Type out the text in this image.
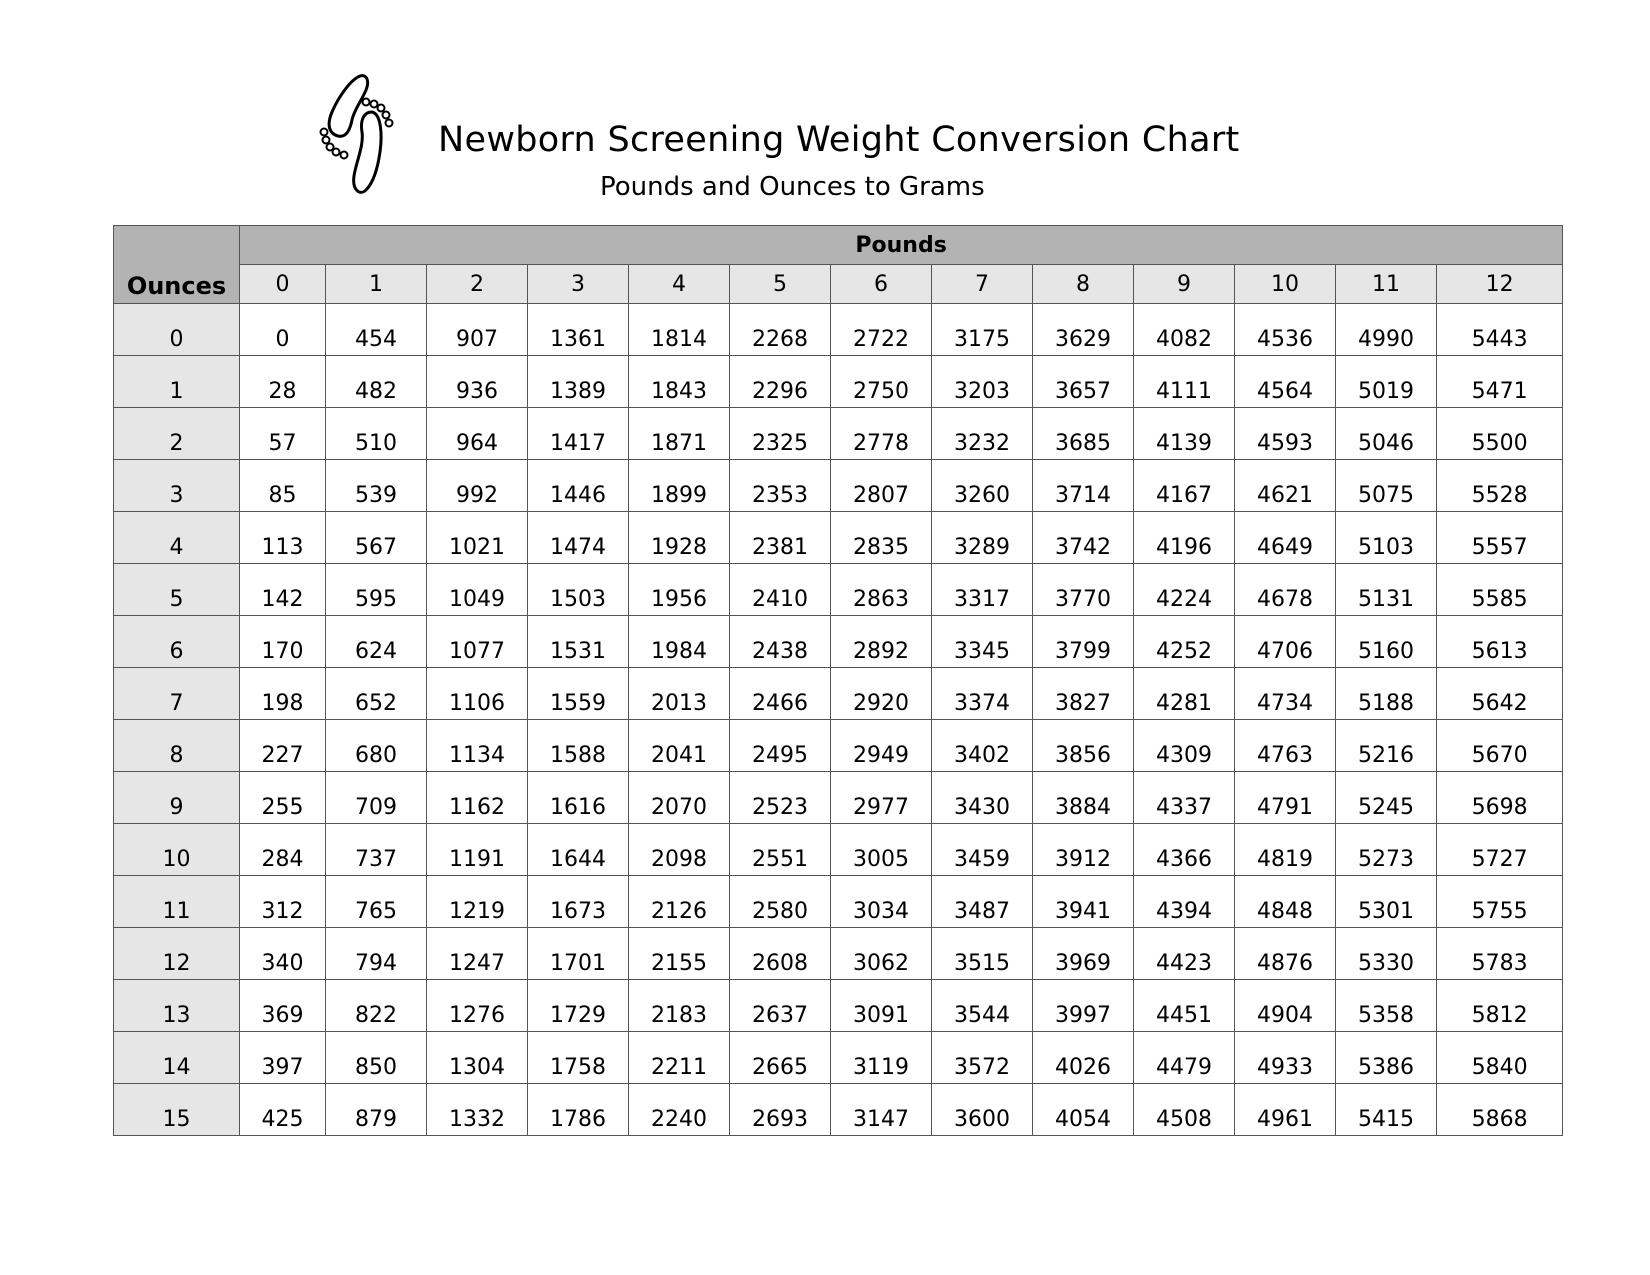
Newborn Screening Weight Conversion Chart
Pounds and Ounces to Grams
Ounces	Pounds												
	0	1	2	3	4	5	6	7	8	9	10	11	12
0	0	454	907	1361	1814	2268	2722	3175	3629	4082	4536	4990	5443
1	28	482	936	1389	1843	2296	2750	3203	3657	4111	4564	5019	5471
2	57	510	964	1417	1871	2325	2778	3232	3685	4139	4593	5046	5500
3	85	539	992	1446	1899	2353	2807	3260	3714	4167	4621	5075	5528
4	113	567	1021	1474	1928	2381	2835	3289	3742	4196	4649	5103	5557
5	142	595	1049	1503	1956	2410	2863	3317	3770	4224	4678	5131	5585
6	170	624	1077	1531	1984	2438	2892	3345	3799	4252	4706	5160	5613
7	198	652	1106	1559	2013	2466	2920	3374	3827	4281	4734	5188	5642
8	227	680	1134	1588	2041	2495	2949	3402	3856	4309	4763	5216	5670
9	255	709	1162	1616	2070	2523	2977	3430	3884	4337	4791	5245	5698
10	284	737	1191	1644	2098	2551	3005	3459	3912	4366	4819	5273	5727
11	312	765	1219	1673	2126	2580	3034	3487	3941	4394	4848	5301	5755
12	340	794	1247	1701	2155	2608	3062	3515	3969	4423	4876	5330	5783
13	369	822	1276	1729	2183	2637	3091	3544	3997	4451	4904	5358	5812
14	397	850	1304	1758	2211	2665	3119	3572	4026	4479	4933	5386	5840
15	425	879	1332	1786	2240	2693	3147	3600	4054	4508	4961	5415	5868
